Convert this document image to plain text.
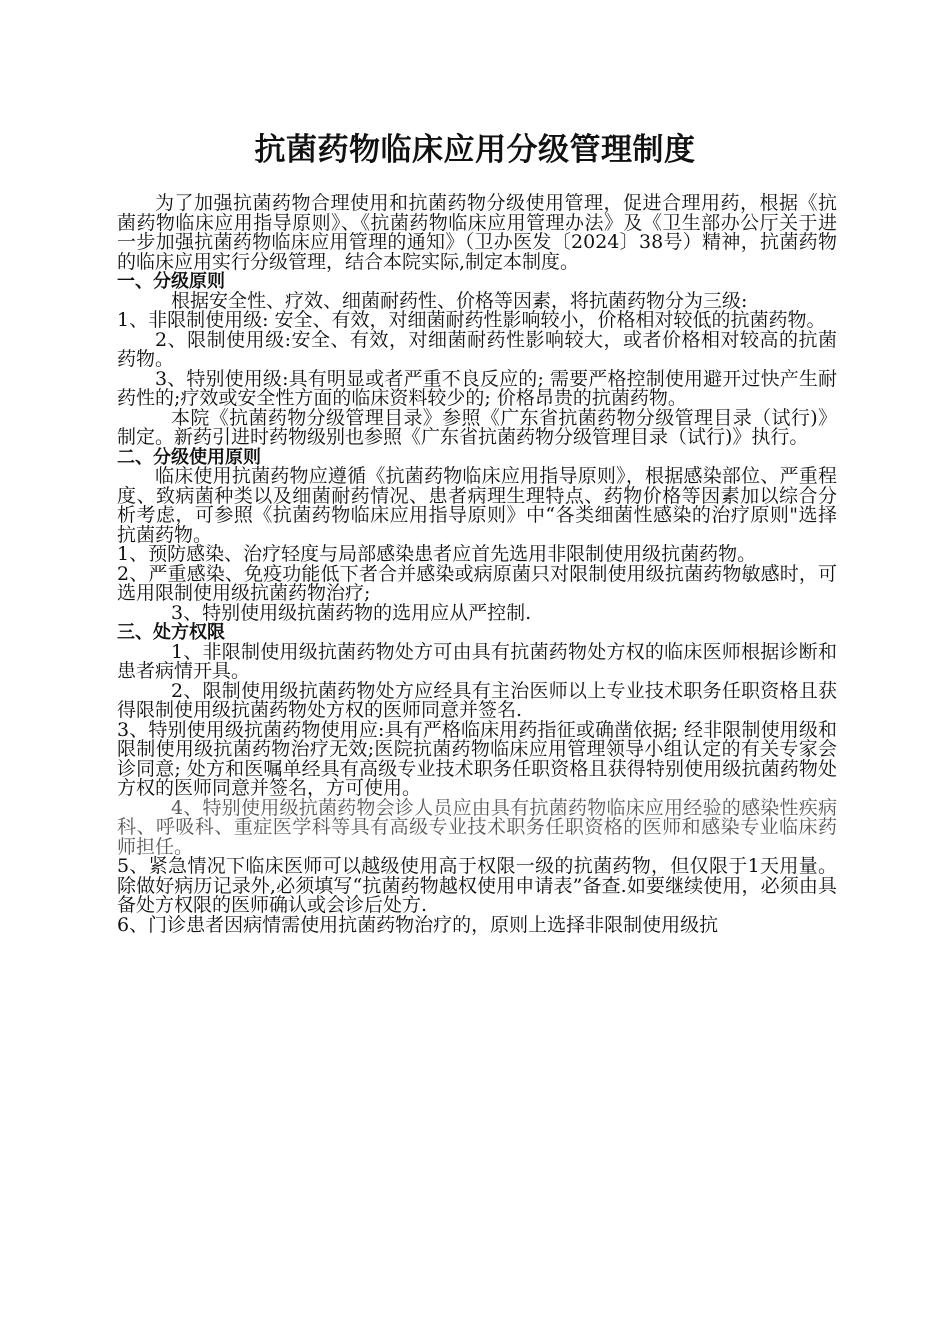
抗菌药物临床应用分级管理制度

为了加强抗菌药物合理使用和抗菌药物分级使用管理，促进合理用药，根据《抗菌药物临床应用指导原则》、《抗菌药物临床应用管理办法》及《卫生部办公厅关于进一步加强抗菌药物临床应用管理的通知》（卫办医发〔2024〕38号）精神，抗菌药物的临床应用实行分级管理，结合本院实际,制定本制度。

一、分级原则

根据安全性、疗效、细菌耐药性、价格等因素，将抗菌药物分为三级:

1、非限制使用级: 安全、有效，对细菌耐药性影响较小，价格相对较低的抗菌药物。

2、限制使用级:安全、有效，对细菌耐药性影响较大，或者价格相对较高的抗菌药物。

3、特别使用级:具有明显或者严重不良反应的; 需要严格控制使用避开过快产生耐药性的;疗效或安全性方面的临床资料较少的; 价格昂贵的抗菌药物。

本院《抗菌药物分级管理目录》参照《广东省抗菌药物分级管理目录（试行)》制定。新药引进时药物级别也参照《广东省抗菌药物分级管理目录（试行)》执行。

二、分级使用原则

临床使用抗菌药物应遵循《抗菌药物临床应用指导原则》，根据感染部位、严重程度、致病菌种类以及细菌耐药情况、患者病理生理特点、药物价格等因素加以综合分析考虑，可参照《抗菌药物临床应用指导原则》中“各类细菌性感染的治疗原则"选择抗菌药物。

1、预防感染、治疗轻度与局部感染患者应首先选用非限制使用级抗菌药物。

2、严重感染、免疫功能低下者合并感染或病原菌只对限制使用级抗菌药物敏感时，可选用限制使用级抗菌药物治疗;

3、特别使用级抗菌药物的选用应从严控制.

三、处方权限

1、非限制使用级抗菌药物处方可由具有抗菌药物处方权的临床医师根据诊断和患者病情开具。

2、限制使用级抗菌药物处方应经具有主治医师以上专业技术职务任职资格且获得限制使用级抗菌药物处方权的医师同意并签名.

3、特别使用级抗菌药物使用应:具有严格临床用药指征或确凿依据; 经非限制使用级和限制使用级抗菌药物治疗无效;医院抗菌药物临床应用管理领导小组认定的有关专家会诊同意; 处方和医嘱单经具有高级专业技术职务任职资格且获得特别使用级抗菌药物处方权的医师同意并签名，方可使用。

4、特别使用级抗菌药物会诊人员应由具有抗菌药物临床应用经验的感染性疾病科、呼吸科、重症医学科等具有高级专业技术职务任职资格的医师和感染专业临床药师担任。

5、紧急情况下临床医师可以越级使用高于权限一级的抗菌药物，但仅限于1天用量。除做好病历记录外,必须填写“抗菌药物越权使用申请表”备查.如要继续使用，必须由具备处方权限的医师确认或会诊后处方.

6、门诊患者因病情需使用抗菌药物治疗的，原则上选择非限制使用级抗
